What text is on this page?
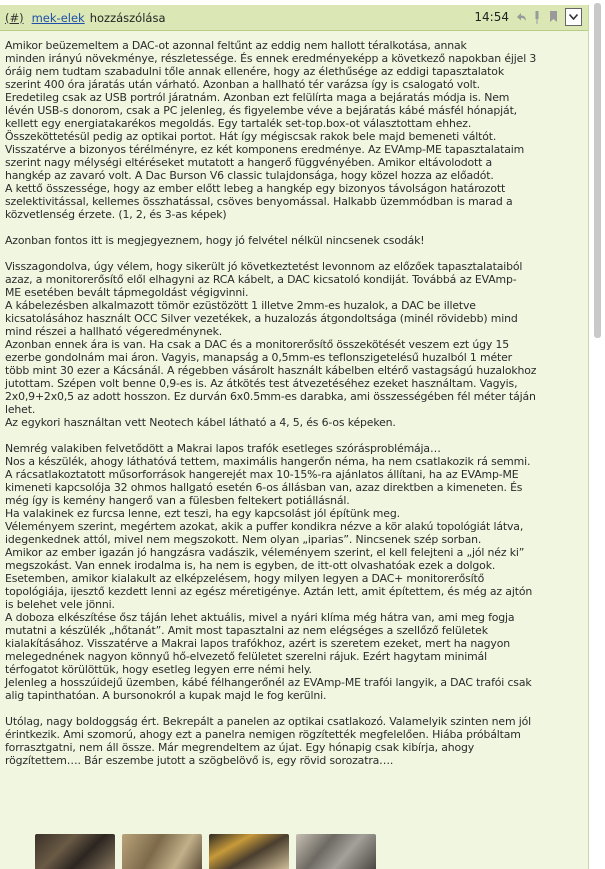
(#) mek-elek hozzászólása	14:54

Amikor beüzemeltem a DAC-ot azonnal feltűnt az eddig nem hallott téralkotása, annak
minden irányú növekménye, részletessége. És ennek eredményeképp a következő napokban éjjel 3
óráig nem tudtam szabadulni tőle annak ellenére, hogy az élethűsége az eddigi tapasztalatok
szerint 400 óra járatás után várható. Azonban a hallható tér varázsa így is csalogató volt.
Eredetileg csak az USB portról járatnám. Azonban ezt felülírta maga a bejáratás módja is. Nem
lévén USB-s donorom, csak a PC jelenleg, és figyelembe véve a bejáratás kábé másfél hónapját,
kellett egy energiatakarékos megoldás. Egy tartalék set-top.box-ot választottam ehhez.
Összeköttetésül pedig az optikai portot. Hát így mégiscsak rakok bele majd bemeneti váltót.
Visszatérve a bizonyos térélményre, ez két komponens eredménye. Az EVAmp-ME tapasztalataim
szerint nagy mélységi eltéréseket mutatott a hangerő függvényében. Amikor eltávolodott a
hangkép az zavaró volt. A Dac Burson V6 classic tulajdonsága, hogy közel hozza az előadót.
A kettő összessége, hogy az ember előtt lebeg a hangkép egy bizonyos távolságon határozott
szelektivitással, kellemes összhatással, csöves benyomással. Halkabb üzemmódban is marad a
közvetlenség érzete. (1, 2, és 3-as képek)

Azonban fontos itt is megjegyeznem, hogy jó felvétel nélkül nincsenek csodák!

Visszagondolva, úgy vélem, hogy sikerült jó következtetést levonnom az előzőek tapasztalataiból
azaz, a monitorerősítő elől elhagyni az RCA kábelt, a DAC kicsatoló kondiját. Továbbá az EVAmp-
ME esetében bevált tápmegoldást végigvinni.
A kábelezésben alkalmazott tömör ezüstözött 1 illetve 2mm-es huzalok, a DAC be illetve
kicsatolásához használt OCC Silver vezetékek, a huzalozás átgondoltsága (minél rövidebb) mind
mind részei a hallható végeredménynek.
Azonban ennek ára is van. Ha csak a DAC és a monitorerősítő összekötését veszem ezt úgy 15
ezerbe gondolnám mai áron. Vagyis, manapság a 0,5mm-es teflonszigetelésű huzalból 1 méter
több mint 30 ezer a Kácsánál. A régebben vásárolt használt kábelben eltérő vastagságú huzalokhoz
jutottam. Szépen volt benne 0,9-es is. Az átkötés test átvezetéséhez ezeket használtam. Vagyis,
2x0,9+2x0,5 az adott hosszon. Ez durván 6x0.5mm-es darabka, ami összességében fél méter táján
lehet.
Az egykori használtan vett Neotech kábel látható a 4, 5, és 6-os képeken.

Nemrég valakiben felvetődött a Makrai lapos trafók esetleges szórásproblémája…
Nos a készülék, ahogy láthatóvá tettem, maximális hangerőn néma, ha nem csatlakozik rá semmi.
A rácsatlakoztatott műsorforrások hangerejét max 10-15%-ra ajánlatos állítani, ha az EVAmp-ME
kimeneti kapcsolója 32 ohmos hallgató esetén 6-os állásban van, azaz direktben a kimeneten. És
még így is kemény hangerő van a fülesben feltekert potiállásnál.
Ha valakinek ez furcsa lenne, ezt teszi, ha egy kapcsolást jól építünk meg.
Véleményem szerint, megértem azokat, akik a puffer kondikra nézve a kör alakú topológiát látva,
idegenkednek attól, mivel nem megszokott. Nem olyan „iparias”. Nincsenek szép sorban.
Amikor az ember igazán jó hangzásra vadászik, véleményem szerint, el kell felejteni a „jól néz ki”
megszokást. Van ennek irodalma is, ha nem is egyben, de itt-ott olvashatóak ezek a dolgok.
Esetemben, amikor kialakult az elképzelésem, hogy milyen legyen a DAC+ monitorerősítő
topológiája, ijesztő kezdett lenni az egész méretigénye. Aztán lett, amit építettem, és még az ajtón
is belehet vele jönni.
A doboza elkészítése ősz táján lehet aktuális, mivel a nyári klíma még hátra van, ami meg fogja
mutatni a készülék „hőtanát”. Amit most tapasztalni az nem elégséges a szellőző felületek
kialakításához. Visszatérve a Makrai lapos trafókhoz, azért is szeretem ezeket, mert ha nagyon
melegednének nagyon könnyű hő-elvezető felületet szerelni rájuk. Ezért hagytam minimál
térfogatot körülöttük, hogy esetleg legyen erre némi hely.
Jelenleg a hosszúidejű üzemben, kábé félhangerőnél az EVAmp-ME trafói langyik, a DAC trafói csak
alig tapinthatóan. A bursonokról a kupak majd le fog kerülni.

Utólag, nagy boldoggság ért. Bekrepált a panelen az optikai csatlakozó. Valamelyik szinten nem jól
érintkezik. Ami szomorú, ahogy ezt a panelra nemigen rögzítették megfelelően. Hiába próbáltam
forrasztgatni, nem áll össze. Már megrendeltem az újat. Egy hónapig csak kibírja, ahogy
rögzítettem…. Bár eszembe jutott a szögbelövő is, egy rövid sorozatra….
